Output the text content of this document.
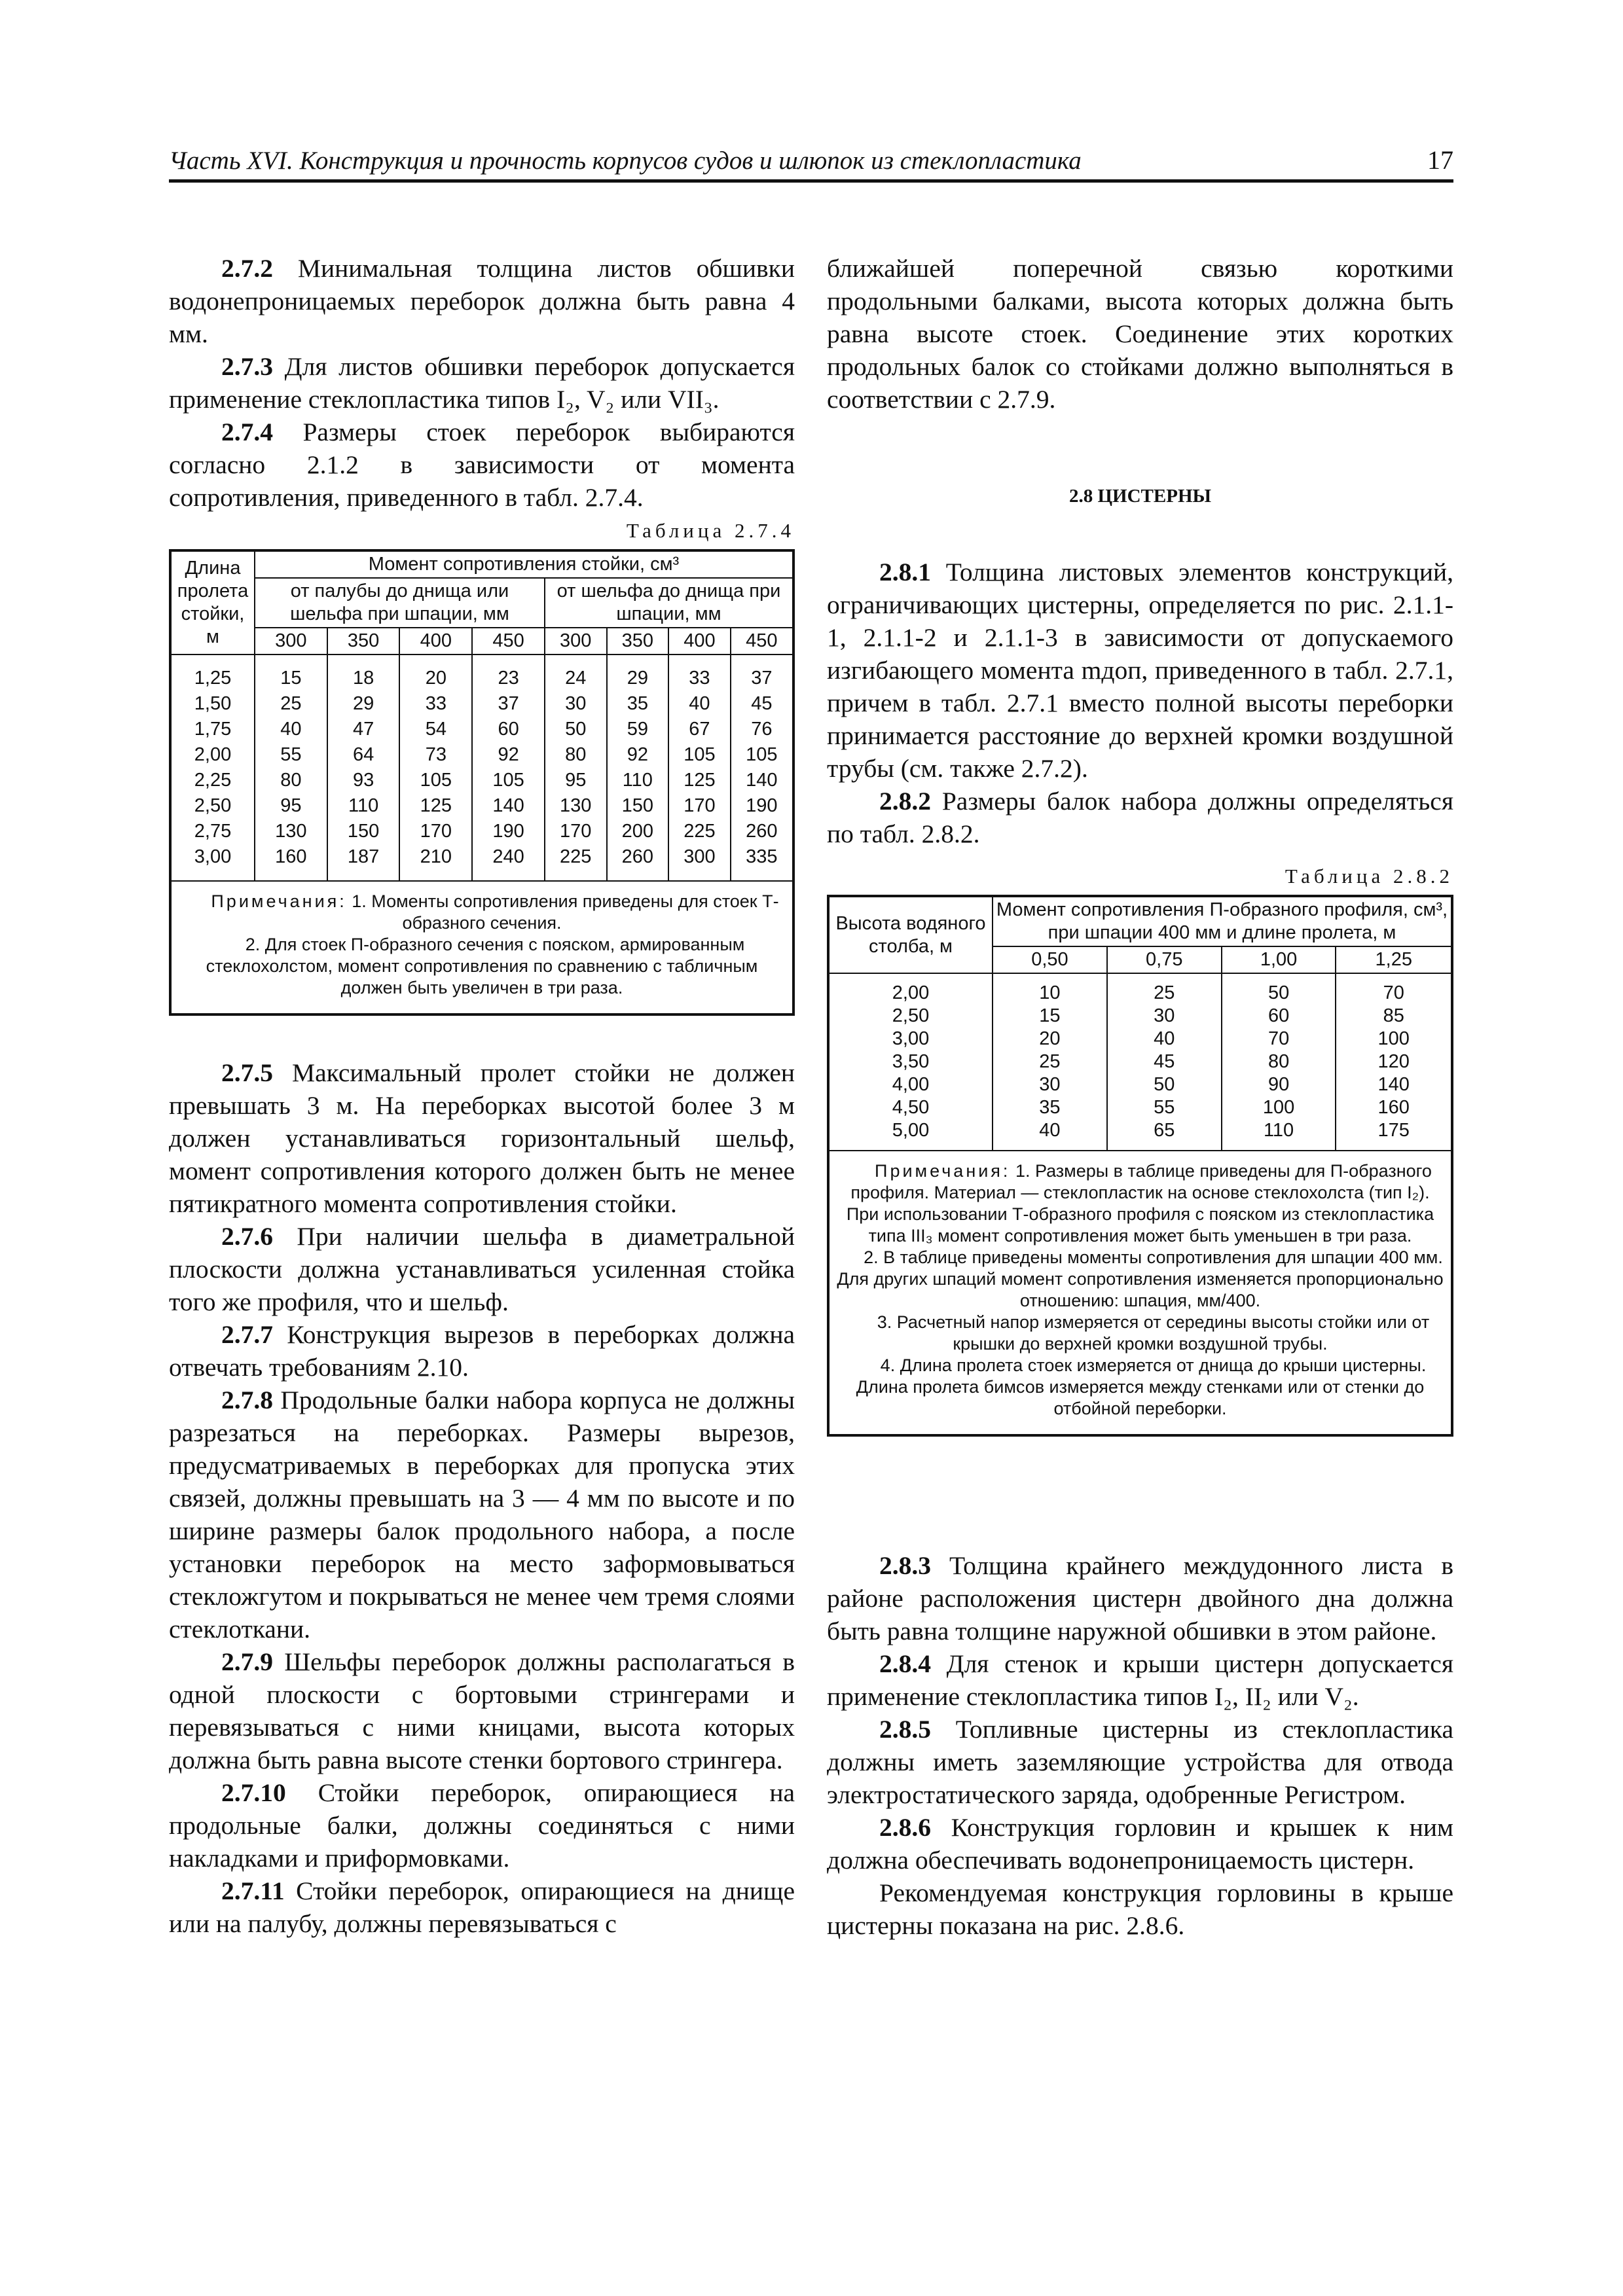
Часть XVI. Конструкция и прочность корпусов судов и шлюпок из стеклопластика	17

2.7.2 Минимальная толщина листов обшивки водонепроницаемых переборок должна быть равна 4 мм.

2.7.3 Для листов обшивки переборок допускается применение стеклопластика типов I₂, V₂ или VII₃.

2.7.4 Размеры стоек переборок выбираются согласно 2.1.2 в зависимости от момента сопротивления, приведенного в табл. 2.7.4.

Таблица 2.7.4
Длина пролета стойки, м	Момент сопротивления стойки, см³							
	от палубы до днища или шельфа при шпации, мм				от шельфа до днища при шпации, мм			
	300	350	400	450	300	350	400	450
1,25	15	18	20	23	24	29	33	37
1,50	25	29	33	37	30	35	40	45
1,75	40	47	54	60	50	59	67	76
2,00	55	64	73	92	80	92	105	105
2,25	80	93	105	105	95	110	125	140
2,50	95	110	125	140	130	150	170	190
2,75	130	150	170	190	170	200	225	260
3,00	160	187	210	240	225	260	300	335

Примечания: 1. Моменты сопротивления приведены для стоек Т-образного сечения.
2. Для стоек П-образного сечения с пояском, армированным стеклохолстом, момент сопротивления по сравнению с табличным должен быть увеличен в три раза.								

2.7.5 Максимальный пролет стойки не должен превышать 3 м. На переборках высотой более 3 м должен устанавливаться горизонтальный шельф, момент сопротивления которого должен быть не менее пятикратного момента сопротивления стойки.

2.7.6 При наличии шельфа в диаметральной плоскости должна устанавливаться усиленная стойка того же профиля, что и шельф.

2.7.7 Конструкция вырезов в переборках должна отвечать требованиям 2.10.

2.7.8 Продольные балки набора корпуса не должны разрезаться на переборках. Размеры вырезов, предусматриваемых в переборках для пропуска этих связей, должны превышать на 3 — 4 мм по высоте и по ширине размеры балок продольного набора, а после установки переборок на место заформовываться стекложгутом и покрываться не менее чем тремя слоями стеклоткани.

2.7.9 Шельфы переборок должны располагаться в одной плоскости с бортовыми стрингерами и перевязываться с ними кницами, высота которых должна быть равна высоте стенки бортового стрингера.

2.7.10 Стойки переборок, опирающиеся на продольные балки, должны соединяться с ними накладками и приформовками.

2.7.11 Стойки переборок, опирающиеся на днище или на палубу, должны перевязываться с

ближайшей поперечной связью короткими продольными балками, высота которых должна быть равна высоте стоек. Соединение этих коротких продольных балок со стойками должно выполняться в соответствии с 2.7.9.

2.8 ЦИСТЕРНЫ

2.8.1 Толщина листовых элементов конструкций, ограничивающих цистерны, определяется по рис. 2.1.1-1, 2.1.1-2 и 2.1.1-3 в зависимости от допускаемого изгибающего момента mдоп, приведенного в табл. 2.7.1, причем в табл. 2.7.1 вместо полной высоты переборки принимается расстояние до верхней кромки воздушной трубы (см. также 2.7.2).

2.8.2 Размеры балок набора должны определяться по табл. 2.8.2.

Таблица 2.8.2
Высота водяного столба, м	Момент сопротивления П-образного профиля, см³, при шпации 400 мм и длине пролета, м			
	0,50	0,75	1,00	1,25
2,00	10	25	50	70
2,50	15	30	60	85
3,00	20	40	70	100
3,50	25	45	80	120
4,00	30	50	90	140
4,50	35	55	100	160
5,00	40	65	110	175

Примечания: 1. Размеры в таблице приведены для П-образного профиля. Материал — стеклопластик на основе стеклохолста (тип I₂). При использовании Т-образного профиля с пояском из стеклопластика типа III₃ момент сопротивления может быть уменьшен в три раза.
2. В таблице приведены моменты сопротивления для шпации 400 мм. Для других шпаций момент сопротивления изменяется пропорционально отношению: шпация, мм/400.
3. Расчетный напор измеряется от середины высоты стойки или от крышки до верхней кромки воздушной трубы.
4. Длина пролета стоек измеряется от днища до крыши цистерны. Длина пролета бимсов измеряется между стенками или от стенки до отбойной переборки.				

2.8.3 Толщина крайнего междудонного листа в районе расположения цистерн двойного дна должна быть равна толщине наружной обшивки в этом районе.

2.8.4 Для стенок и крыши цистерн допускается применение стеклопластика типов I₂, II₂ или V₂.

2.8.5 Топливные цистерны из стеклопластика должны иметь заземляющие устройства для отвода электростатического заряда, одобренные Регистром.

2.8.6 Конструкция горловин и крышек к ним должна обеспечивать водонепроницаемость цистерн.

Рекомендуемая конструкция горловины в крыше цистерны показана на рис. 2.8.6.
